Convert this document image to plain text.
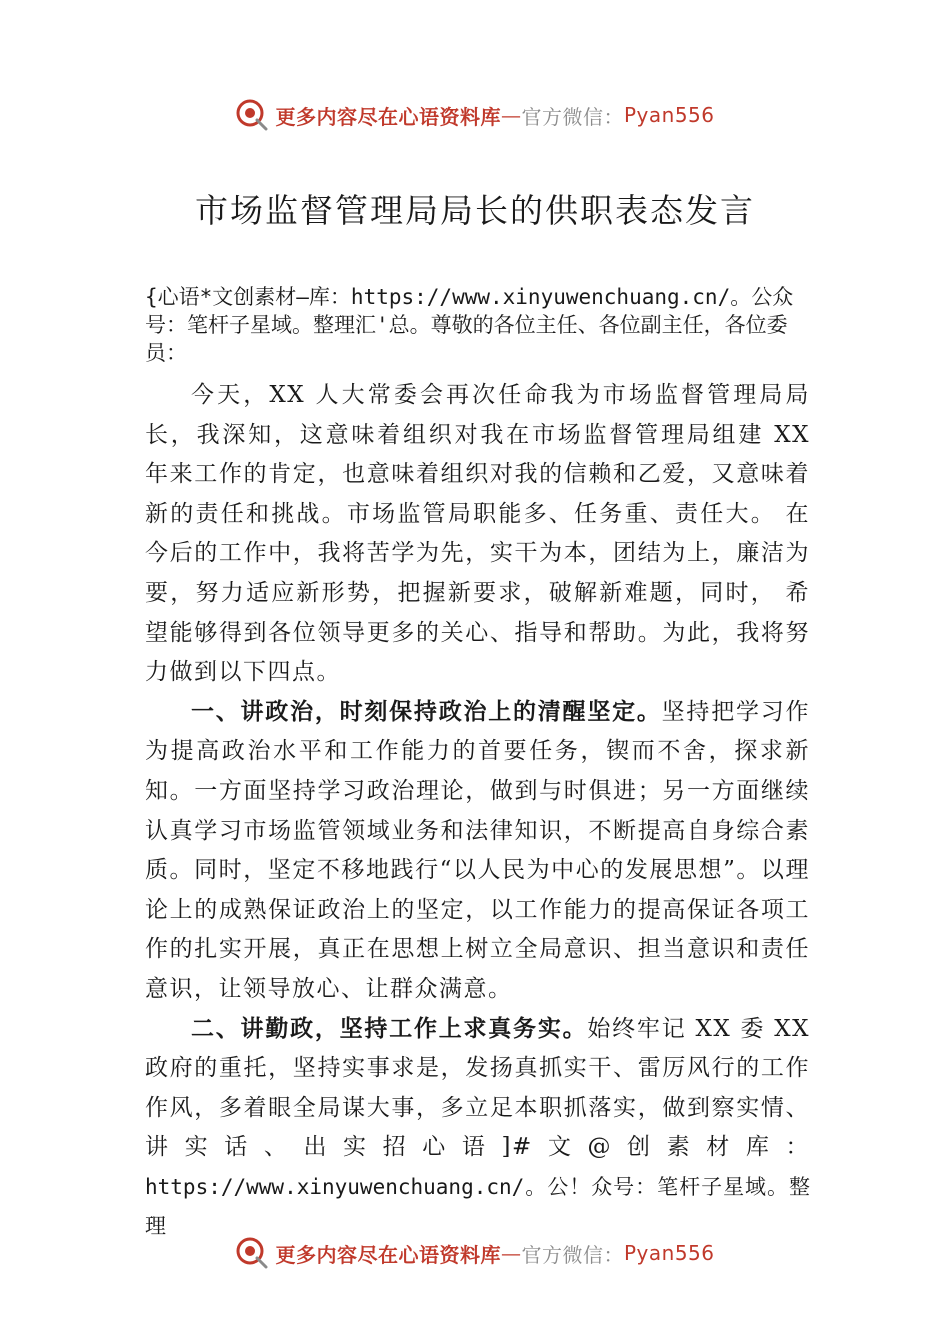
更多内容尽在心语资料库 — 官方微信： Pyan556
市场监督管理局局长的供职表态发言

{心语*文创素材—库：https://www.xinyuwenchuang.cn/。公众号：笔杆子星域。整理汇'总。尊敬的各位主任、各位副主任，各位委员：

今天，XX 人大常委会再次任命我为市场监督管理局局长，我深知，这意味着组织对我在市场监督管理局组建 XX 年来工作的肯定，也意味着组织对我的信赖和乙爱，又意味着新的责任和挑战。市场监管局职能多、任务重、责任大。 在今后的工作中，我将苦学为先，实干为本，团结为上，廉洁为要，努力适应新形势，把握新要求，破解新难题，同时， 希望能够得到各位领导更多的关心、指导和帮助。为此，我将努力做到以下四点。

一、讲政治，时刻保持政治上的清醒坚定。坚持把学习作为提高政治水平和工作能力的首要任务，锲而不舍，探求新知。一方面坚持学习政治理论，做到与时俱进；另一方面继续认真学习市场监管领域业务和法律知识，不断提高自身综合素质。同时，坚定不移地践行“以人民为中心的发展思想”。以理论上的成熟保证政治上的坚定，以工作能力的提高保证各项工作的扎实开展，真正在思想上树立全局意识、担当意识和责任意识，让领导放心、让群众满意。

二、讲勤政，坚持工作上求真务实。始终牢记 XX 委 XX 政府的重托，坚持实事求是，发扬真抓实干、雷厉风行的工作作风，多着眼全局谋大事，多立足本职抓落实，做到察实情、讲实话、出实招心语]#文@创素材库：https://www.xinyuwenchuang.cn/。公！众号：笔杆子星域。整理

更多内容尽在心语资料库 — 官方微信： Pyan556
